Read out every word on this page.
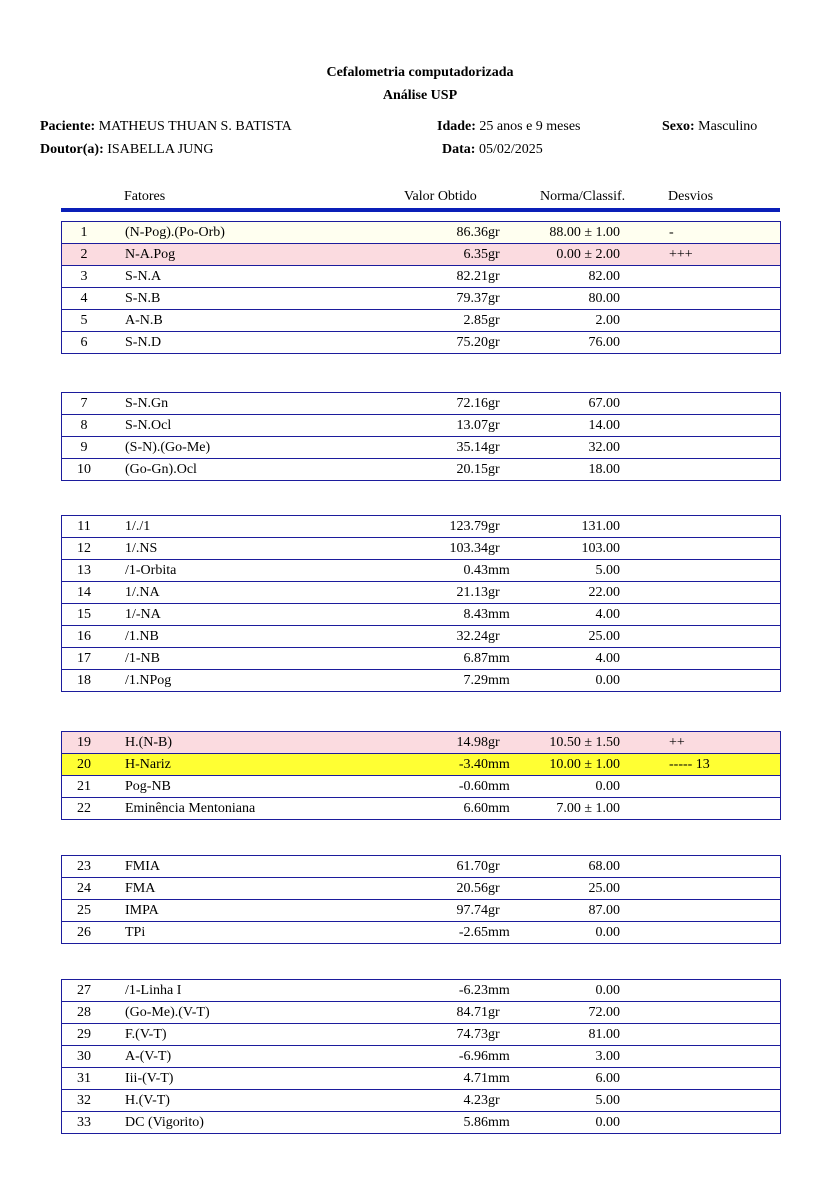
Cefalometria computadorizada
Análise USP
Paciente: MATHEUS THUAN S. BATISTA	Idade: 25 anos e 9 meses	Sexo: Masculino
Doutor(a): ISABELLA JUNG	Data: 05/02/2025
Fatores	Valor Obtido	Norma/Classif.	Desvios
1	(N-Pog).(Po-Orb)	86.36 gr	88.00 ± 1.00	-
2	N-A.Pog	6.35 gr	0.00 ± 2.00	+++
3	S-N.A	82.21 gr	82.00
4	S-N.B	79.37 gr	80.00
5	A-N.B	2.85 gr	2.00
6	S-N.D	75.20 gr	76.00
7	S-N.Gn	72.16 gr	67.00
8	S-N.Ocl	13.07 gr	14.00
9	(S-N).(Go-Me)	35.14 gr	32.00
10	(Go-Gn).Ocl	20.15 gr	18.00
11	1/./1	123.79 gr	131.00
12	1/.NS	103.34 gr	103.00
13	/1-Orbita	0.43 mm	5.00
14	1/.NA	21.13 gr	22.00
15	1/-NA	8.43 mm	4.00
16	/1.NB	32.24 gr	25.00
17	/1-NB	6.87 mm	4.00
18	/1.NPog	7.29 mm	0.00
19	H.(N-B)	14.98 gr	10.50 ± 1.50	++
20	H-Nariz	-3.40 mm	10.00 ± 1.00	----- 13
21	Pog-NB	-0.60 mm	0.00
22	Eminência Mentoniana	6.60 mm	7.00 ± 1.00
23	FMIA	61.70 gr	68.00
24	FMA	20.56 gr	25.00
25	IMPA	97.74 gr	87.00
26	TPi	-2.65 mm	0.00
27	/1-Linha I	-6.23 mm	0.00
28	(Go-Me).(V-T)	84.71 gr	72.00
29	F.(V-T)	74.73 gr	81.00
30	A-(V-T)	-6.96 mm	3.00
31	Iii-(V-T)	4.71 mm	6.00
32	H.(V-T)	4.23 gr	5.00
33	DC (Vigorito)	5.86 mm	0.00
